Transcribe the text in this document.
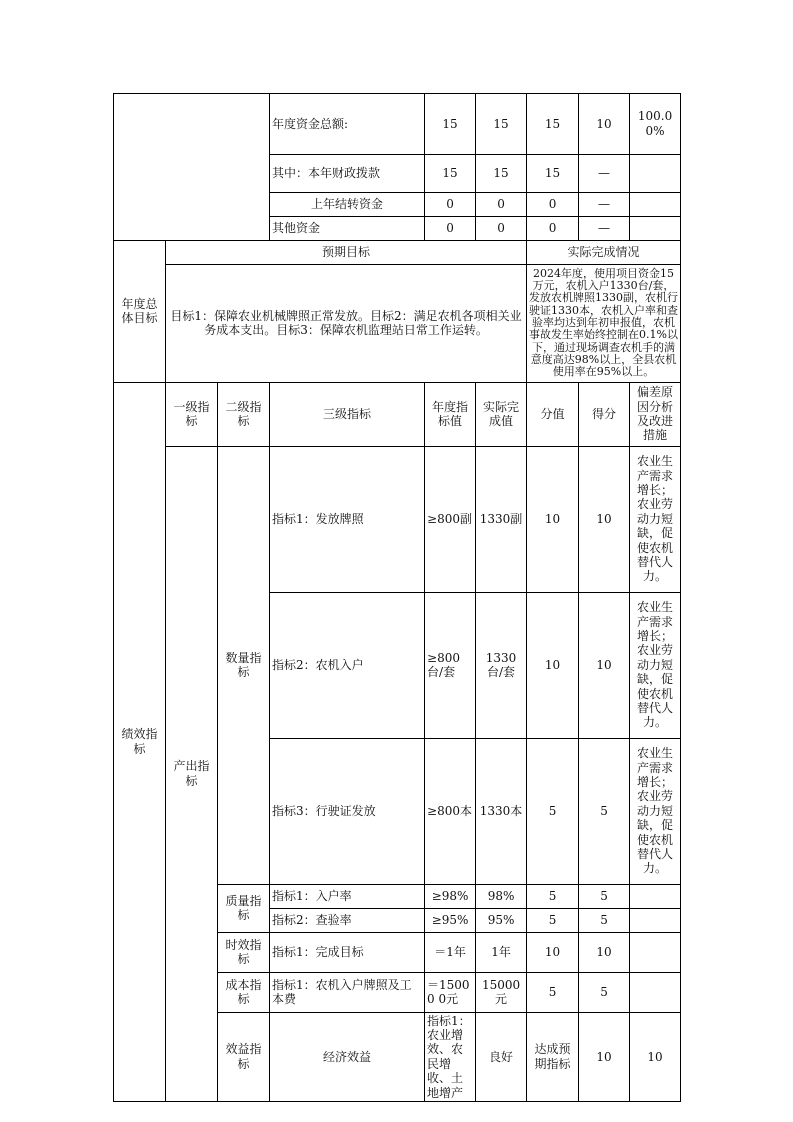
			年度资金总额:	15	15	15	10	100.00%	
			其中：本年财政拨款	15	15	15	—		
			上年结转资金	0	0	0	—		
			其他资金	0	0	0	—		
年度总体目标	预期目标					实际完成情况			
	目标1：保障农业机械牌照正常发放。目标2：满足农机各项相关业务成本支出。目标3：保障农机监理站日常工作运转。					2024年度，使用项目资金15万元，农机入户1330台/套，发放农机牌照1330副，农机行驶证1330本，农机入户率和查验率均达到年初申报值，农机事故发生率始终控制在0.1%以下，通过现场调查农机手的满意度高达98%以上，全县农机使用率在95%以上。			
绩效指标	一级指标	二级指标	三级指标	年度指标值	实际完成值	分值	得分	偏差原因分析及改进措施	
	产出指标	数量指标	指标1：发放牌照	≥800副	1330副	10	10	农业生产需求增长；农业劳动力短缺，促使农机替代人力。	
			指标2：农机入户	≥800台/套	1330台/套	10	10	农业生产需求增长；农业劳动力短缺，促使农机替代人力。	
			指标3：行驶证发放	≥800本	1330本	5	5	农业生产需求增长；农业劳动力短缺，促使农机替代人力。	
		质量指标	指标1：入户率	≥98%	98%	5	5		
			指标2：查验率	≥95%	95%	5	5		
		时效指标	指标1：完成目标	＝1年	1年	10	10		
		成本指标	指标1：农机入户牌照及工本费	＝15000 0元	15000元	5	5		
		效益指标	经济效益	指标1：农业增效、农民增收、土地增产	良好	达成预期指标	10	10	
